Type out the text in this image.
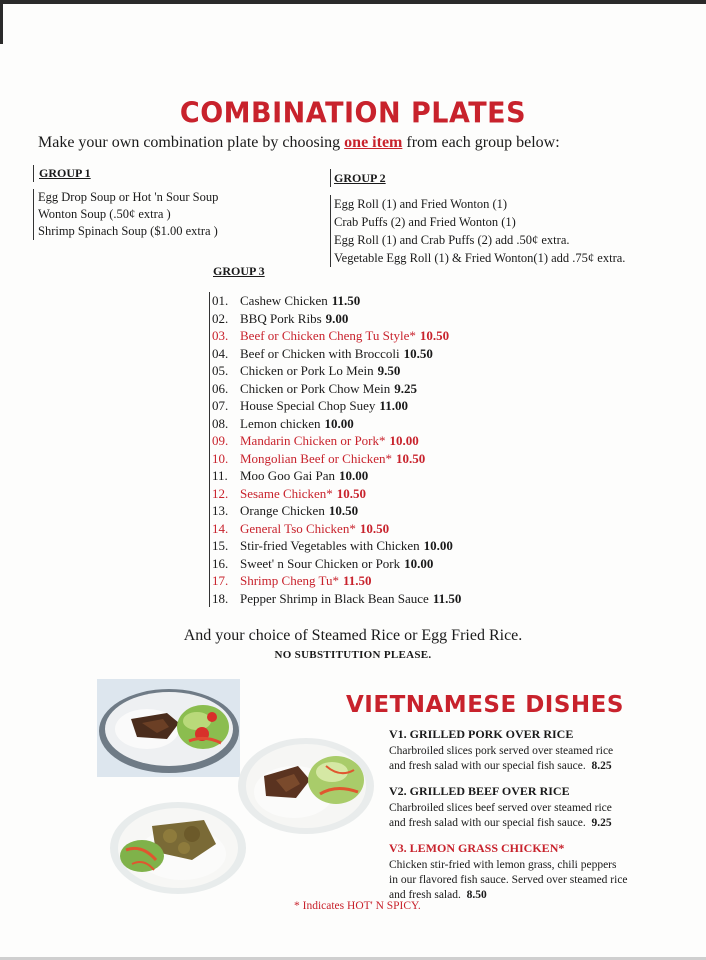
COMBINATION PLATES
Make your own combination plate by choosing one item from each group below:
GROUP 1
Egg Drop Soup or Hot 'n Sour Soup
Wonton Soup (.50¢ extra )
Shrimp Spinach Soup ($1.00 extra )
GROUP 2
Egg Roll (1) and Fried Wonton (1)
Crab Puffs (2) and Fried Wonton (1)
Egg Roll (1) and Crab Puffs (2) add .50¢ extra.
Vegetable Egg Roll (1) & Fried Wonton(1) add .75¢ extra.
GROUP 3
01. Cashew Chicken 11.50
02. BBQ Pork Ribs 9.00
03. Beef or Chicken Cheng Tu Style* 10.50
04. Beef or Chicken with Broccoli 10.50
05. Chicken or Pork Lo Mein 9.50
06. Chicken or Pork Chow Mein 9.25
07. House Special Chop Suey 11.00
08. Lemon chicken 10.00
09. Mandarin Chicken or Pork* 10.00
10. Mongolian Beef or Chicken* 10.50
11. Moo Goo Gai Pan 10.00
12. Sesame Chicken* 10.50
13. Orange Chicken 10.50
14. General Tso Chicken* 10.50
15. Stir-fried Vegetables with Chicken 10.00
16. Sweet' n Sour Chicken or Pork 10.00
17. Shrimp Cheng Tu* 11.50
18. Pepper Shrimp in Black Bean Sauce 11.50
And your choice of Steamed Rice or Egg Fried Rice.
NO SUBSTITUTION PLEASE.
VIETNAMESE DISHES
V1. GRILLED PORK OVER RICE
Charbroiled slices pork served over steamed rice
and fresh salad with our special fish sauce. 8.25
V2. GRILLED BEEF OVER RICE
Charbroiled slices beef served over steamed rice
and fresh salad with our special fish sauce. 9.25
V3. LEMON GRASS CHICKEN*
Chicken stir-fried with lemon grass, chili peppers
in our flavored fish sauce. Served over steamed rice
and fresh salad. 8.50
* Indicates HOT' N SPICY.
